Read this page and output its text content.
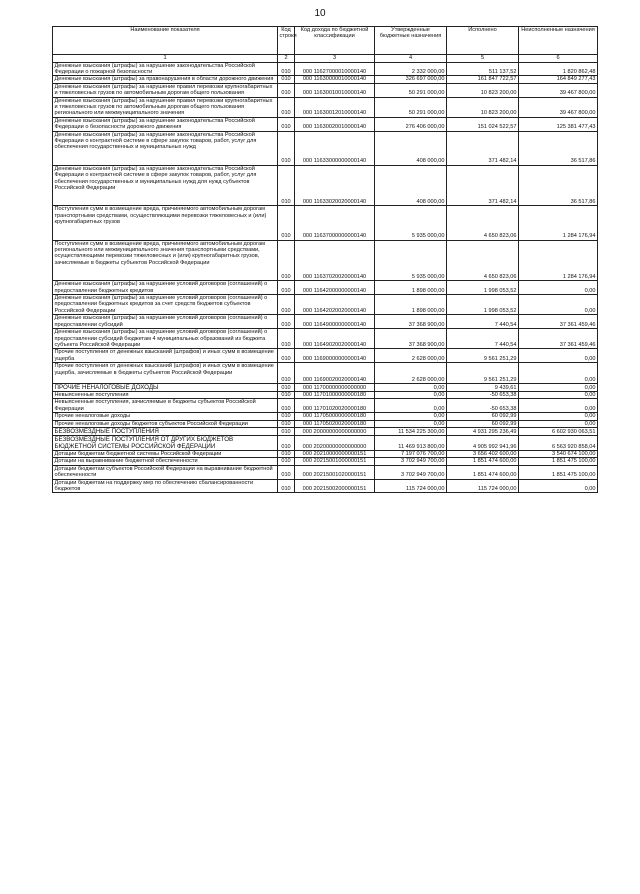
10
Наименование показателя	Код строки	Код дохода по бюджетной классификации	Утвержденные бюджетные назначения	Исполнено	Неисполненные назначения
1	2	3	4	5	6
Денежные взыскания (штрафы) за нарушение законодательства Российской Федерации о пожарной безопасности	010	000 11627000010000140	2 332 000,00	511 137,52	1 820 862,48
Денежные взыскания (штрафы) за правонарушения в области дорожного движения	010	000 11630000010000140	326 697 000,00	161 847 722,57	164 849 277,43
Денежные взыскания (штрафы) за нарушение правил перевозки крупногабаритных и тяжеловесных грузов по автомобильным дорогам общего пользования	010	000 11630010010000140	50 291 000,00	10 823 200,00	39 467 800,00
Денежные взыскания (штрафы) за нарушение правил перевозки крупногабаритных и тяжеловесных грузов по автомобильным дорогам общего пользования регионального или межмуниципального значения	010	000 11630012010000140	50 291 000,00	10 823 200,00	39 467 800,00
Денежные взыскания (штрафы) за нарушение законодательства Российской Федерации о безопасности дорожного движения	010	000 11630020010000140	276 406 000,00	151 024 522,57	125 381 477,43
Денежные взыскания (штрафы) за нарушение законодательства Российской Федерации о контрактной системе в сфере закупок товаров, работ, услуг для обеспечения государственных и муниципальных нужд	010	000 11633000000000140	408 000,00	371 482,14	36 517,86
Денежные взыскания (штрафы) за нарушение законодательства Российской Федерации о контрактной системе в сфере закупок товаров, работ, услуг для обеспечения государственных и муниципальных нужд для нужд субъектов Российской Федерации	010	000 11633020020000140	408 000,00	371 482,14	36 517,86
Поступления сумм в возмещение вреда, причиняемого автомобильным дорогам транспортными средствами, осуществляющими перевозки тяжеловесных и (или) крупногабаритных грузов	010	000 11637000000000140	5 935 000,00	4 650 823,06	1 284 176,94
Поступления сумм в возмещение вреда, причиняемого автомобильным дорогам регионального или межмуниципального значения транспортными средствами, осуществляющими перевозки тяжеловесных и (или) крупногабаритных грузов, зачисляемые в бюджеты субъектов Российской Федерации	010	000 11637020020000140	5 935 000,00	4 650 823,06	1 284 176,94
Денежные взыскания (штрафы) за нарушение условий договоров (соглашений) о предоставлении бюджетных кредитов	010	000 11642000000000140	1 898 000,00	1 998 053,52	0,00
Денежные взыскания (штрафы) за нарушение условий договоров (соглашений) о предоставлении бюджетных кредитов за счет средств бюджетов субъектов Российской Федерации	010	000 11642020020000140	1 898 000,00	1 998 053,52	0,00
Денежные взыскания (штрафы) за нарушение условий договоров (соглашений) о предоставлении субсидий	010	000 11649000000000140	37 368 900,00	7 440,54	37 361 459,46
Денежные взыскания (штрафы) за нарушение условий договоров (соглашений) о предоставлении субсидий бюджетам 4 муниципальных образований из бюджета субъекта Российской Федерации	010	000 11649020020000140	37 368 900,00	7 440,54	37 361 459,46
Прочие поступления от денежных взысканий (штрафов) и иных сумм в возмещение ущерба	010	000 11690000000000140	2 628 000,00	9 561 251,29	0,00
Прочие поступления от денежных взысканий (штрафов) и иных сумм в возмещение ущерба, зачисляемые в бюджеты субъектов Российской Федерации	010	000 11690020020000140	2 628 000,00	9 561 251,29	0,00
ПРОЧИЕ НЕНАЛОГОВЫЕ ДОХОДЫ	010	000 11700000000000000	0,00	9 439,61	0,00
Невыясненные поступления	010	000 11701000000000180	0,00	-50 653,38	0,00
Невыясненные поступления, зачисляемые в бюджеты субъектов Российской Федерации	010	000 11701020020000180	0,00	-50 653,38	0,00
Прочие неналоговые доходы	010	000 11705000000000180	0,00	60 092,99	0,00
Прочие неналоговые доходы бюджетов субъектов Российской Федерации	010	000 11705020020000180	0,00	60 092,99	0,00
БЕЗВОЗМЕЗДНЫЕ ПОСТУПЛЕНИЯ	010	000 20000000000000000	11 534 225 300,00	4 931 295 236,49	6 602 930 063,51
БЕЗВОЗМЕЗДНЫЕ ПОСТУПЛЕНИЯ ОТ ДРУГИХ БЮДЖЕТОВ БЮДЖЕТНОЙ СИСТЕМЫ РОССИЙСКОЙ ФЕДЕРАЦИИ	010	000 20200000000000000	11 469 913 800,00	4 905 992 941,96	6 563 920 858,04
Дотации бюджетам бюджетной системы Российской Федерации	010	000 20210000000000151	7 197 076 700,00	3 656 402 600,00	3 540 674 100,00
Дотации на выравнивание бюджетной обеспеченности	010	000 20215001000000151	3 702 949 700,00	1 851 474 600,00	1 851 475 100,00
Дотации бюджетам субъектов Российской Федерации на выравнивание бюджетной обеспеченности	010	000 20215001020000151	3 702 949 700,00	1 851 474 600,00	1 851 475 100,00
Дотации бюджетам на поддержку мер по обеспечению сбалансированности бюджетов	010	000 20215002000000151	115 724 000,00	115 724 000,00	0,00
